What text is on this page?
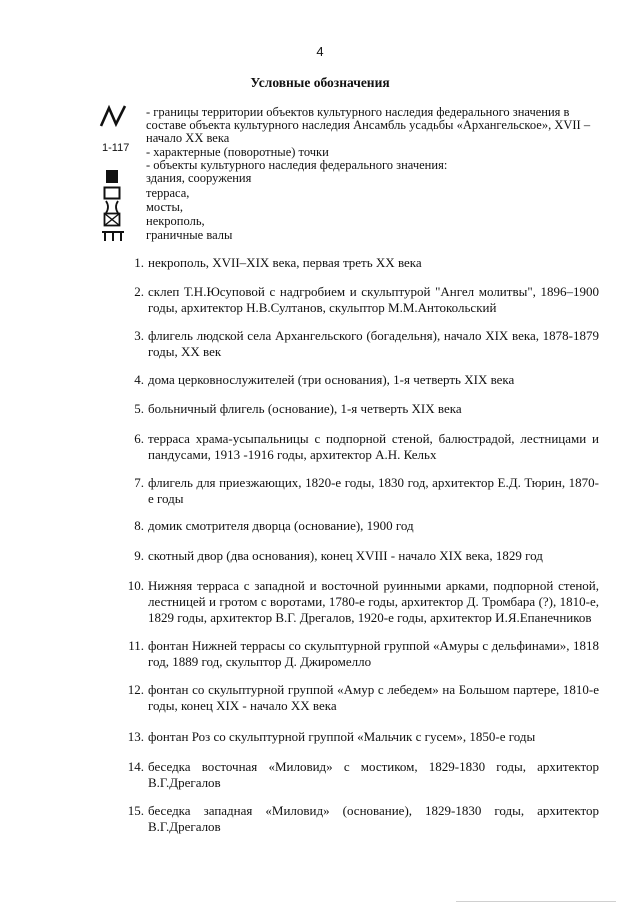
4
Условные обозначения
1-117
- границы территории объектов культурного наследия федерального значения в составе объекта культурного наследия Ансамбль усадьбы «Архангельское», XVII – начало XX века
- характерные (поворотные) точки
- объекты культурного наследия федерального значения:
здания, сооружения
терраса,
мосты,
некрополь,
граничные валы
1. некрополь, XVII–XIX века, первая треть XX века
2. склеп Т.Н.Юсуповой с надгробием и скульптурой "Ангел молитвы", 1896–1900 годы, архитектор Н.В.Султанов, скульптор М.М.Антокольский
3. флигель людской села Архангельского (богадельня), начало XIX века, 1878-1879 годы, XX век
4. дома церковнослужителей (три основания), 1-я четверть XIX века
5. больничный флигель (основание), 1-я четверть XIX века
6. терраса храма-усыпальницы с подпорной стеной, балюстрадой, лестницами и пандусами, 1913 -1916 годы, архитектор А.Н. Кельх
7. флигель для приезжающих, 1820-е годы, 1830 год, архитектор Е.Д. Тюрин, 1870-е годы
8. домик смотрителя дворца (основание), 1900 год
9. скотный двор (два основания), конец XVIII - начало XIX века, 1829 год
10. Нижняя терраса с западной и восточной руинными арками, подпорной стеной, лестницей и гротом с воротами, 1780-е годы, архитектор Д. Тромбара (?), 1810-е, 1829 годы, архитектор В.Г. Дрегалов, 1920-е годы, архитектор И.Я.Епанечников
11. фонтан Нижней террасы со скульптурной группой «Амуры с дельфинами», 1818 год, 1889 год, скульптор Д. Джиромелло
12. фонтан со скульптурной группой «Амур с лебедем» на Большом партере, 1810-е годы, конец XIX - начало XX века
13. фонтан Роз со скульптурной группой «Мальчик с гусем», 1850-е годы
14. беседка восточная «Миловид» с мостиком, 1829-1830 годы, архитектор В.Г.Дрегалов
15. беседка западная «Миловид» (основание), 1829-1830 годы, архитектор В.Г.Дрегалов
